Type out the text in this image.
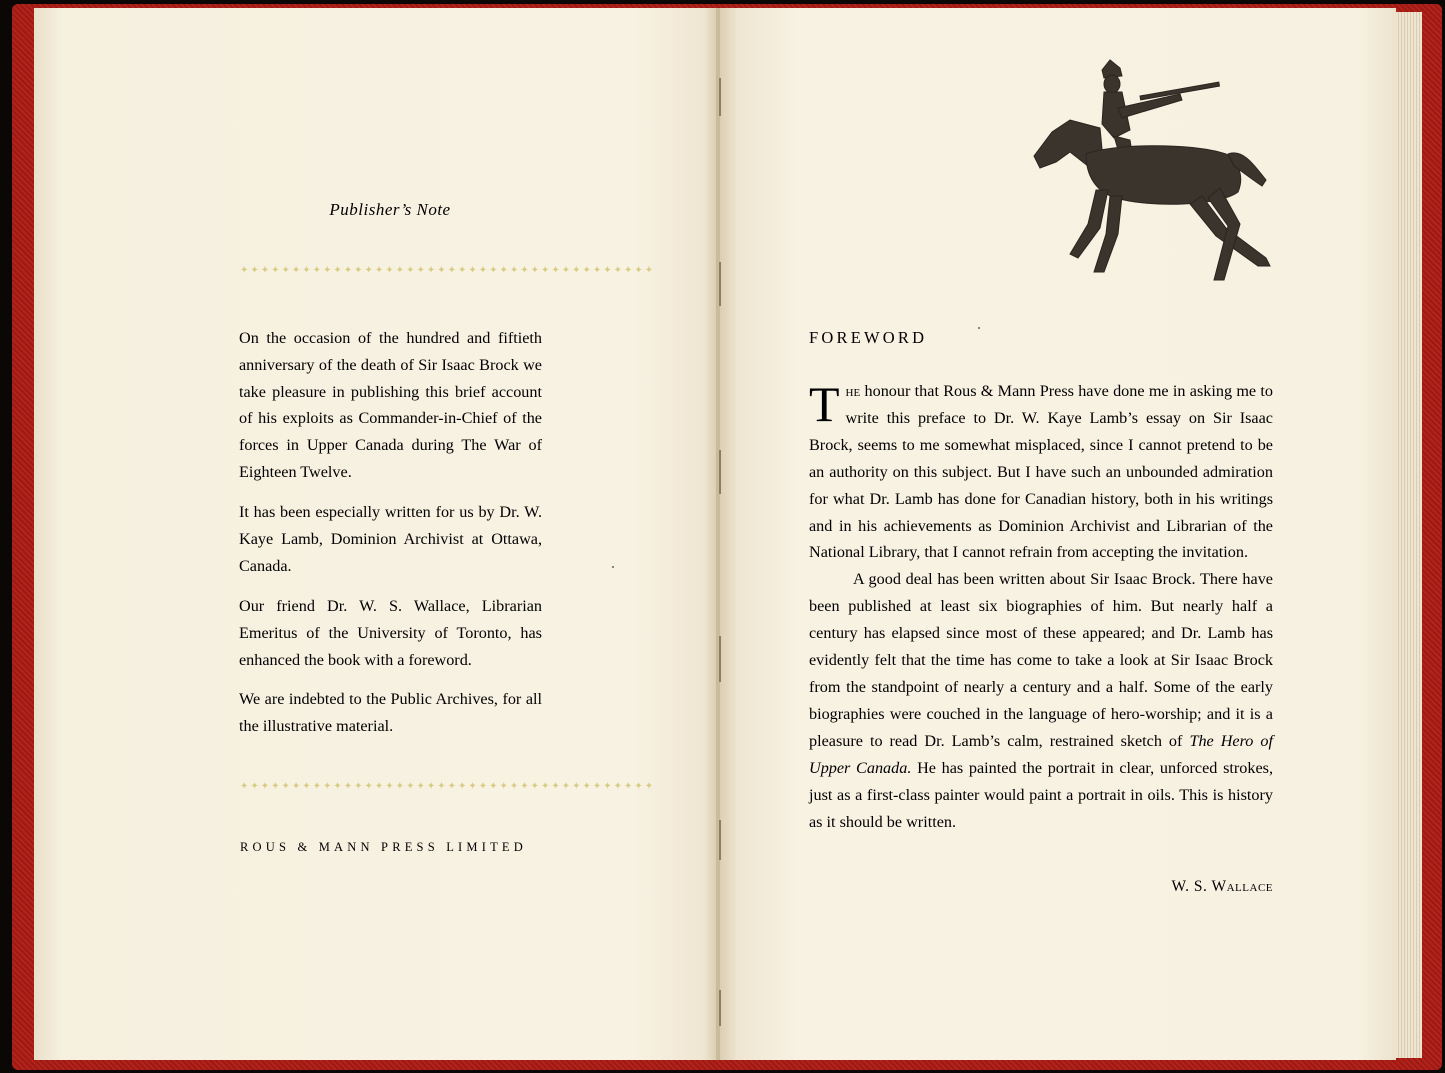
Publisher’s Note
✦✦✦✦✦✦✦✦✦✦✦✦✦✦✦✦✦✦✦✦✦✦✦✦✦✦✦✦✦✦✦✦✦✦✦✦✦✦✦✦

On the occasion of the hundred and fiftieth anniversary of the death of Sir Isaac Brock we take pleasure in publishing this brief account of his exploits as Commander-in-Chief of the forces in Upper Canada during The War of Eighteen Twelve.

It has been especially written for us by Dr. W. Kaye Lamb, Dominion Archivist at Ottawa, Canada.

Our friend Dr. W. S. Wallace, Librarian Emeritus of the University of Toronto, has enhanced the book with a foreword.

We are indebted to the Public Archives, for all the illustrative material.

✦✦✦✦✦✦✦✦✦✦✦✦✦✦✦✦✦✦✦✦✦✦✦✦✦✦✦✦✦✦✦✦✦✦✦✦✦✦✦✦
ROUS & MANN PRESS LIMITED
FOREWORD

The honour that Rous & Mann Press have done me in asking me to write this preface to Dr. W. Kaye Lamb’s essay on Sir Isaac Brock, seems to me somewhat misplaced, since I cannot pretend to be an authority on this subject. But I have such an unbounded admiration for what Dr. Lamb has done for Canadian history, both in his writings and in his achievements as Dominion Archivist and Librarian of the National Library, that I cannot refrain from accepting the invitation.

A good deal has been written about Sir Isaac Brock. There have been published at least six biographies of him. But nearly half a century has elapsed since most of these appeared; and Dr. Lamb has evidently felt that the time has come to take a look at Sir Isaac Brock from the standpoint of nearly a century and a half. Some of the early biographies were couched in the language of hero-worship; and it is a pleasure to read Dr. Lamb’s calm, restrained sketch of The Hero of Upper Canada. He has painted the portrait in clear, unforced strokes, just as a first-class painter would paint a portrait in oils. This is history as it should be written.

W. S. Wallace
